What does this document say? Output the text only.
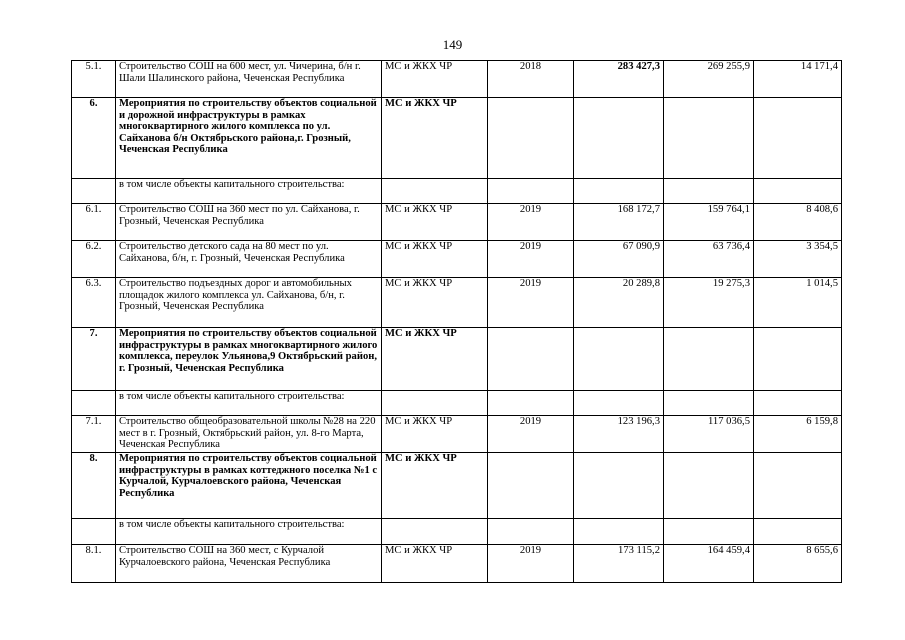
149
5.1.	Строительство СОШ на 600 мест, ул. Чичерина, б/н г. Шали Шалинского района, Чеченская Республика	МС и ЖКХ ЧР	2018	283 427,3	269 255,9	14 171,4
6.	Мероприятия по строительству объектов социальной и дорожной инфраструктуры в рамках многоквартирного жилого комплекса по ул. Сайханова б/н Октябрьского района,г. Грозный, Чеченская Республика	МС и ЖКХ ЧР				
	в том числе объекты капитального строительства:					
6.1.	Строительство СОШ на 360 мест по ул. Сайханова, г. Грозный, Чеченская Республика	МС и ЖКХ ЧР	2019	168 172,7	159 764,1	8 408,6
6.2.	Строительство детского сада на 80 мест по ул. Сайханова, б/н, г. Грозный, Чеченская Республика	МС и ЖКХ ЧР	2019	67 090,9	63 736,4	3 354,5
6.3.	Строительство подъездных дорог и автомобильных площадок жилого комплекса ул. Сайханова, б/н, г. Грозный, Чеченская Республика	МС и ЖКХ ЧР	2019	20 289,8	19 275,3	1 014,5
7.	Мероприятия по строительству объектов социальной инфраструктуры в рамках многоквартирного жилого комплекса, переулок Ульянова,9 Октябрьский район, г. Грозный, Чеченская Республика	МС и ЖКХ ЧР				
	в том числе объекты капитального строительства:					
7.1.	Строительство общеобразовательной школы №28 на 220 мест в г. Грозный, Октябрьский район, ул. 8-го Марта, Чеченская Республика	МС и ЖКХ ЧР	2019	123 196,3	117 036,5	6 159,8
8.	Мероприятия по строительству объектов социальной инфраструктуры в рамках коттеджного поселка №1 с Курчалой, Курчалоевского района, Чеченская Республика	МС и ЖКХ ЧР				
	в том числе объекты капитального строительства:					
8.1.	Строительство СОШ на 360 мест, с Курчалой Курчалоевского района, Чеченская Республика	МС и ЖКХ ЧР	2019	173 115,2	164 459,4	8 655,6
